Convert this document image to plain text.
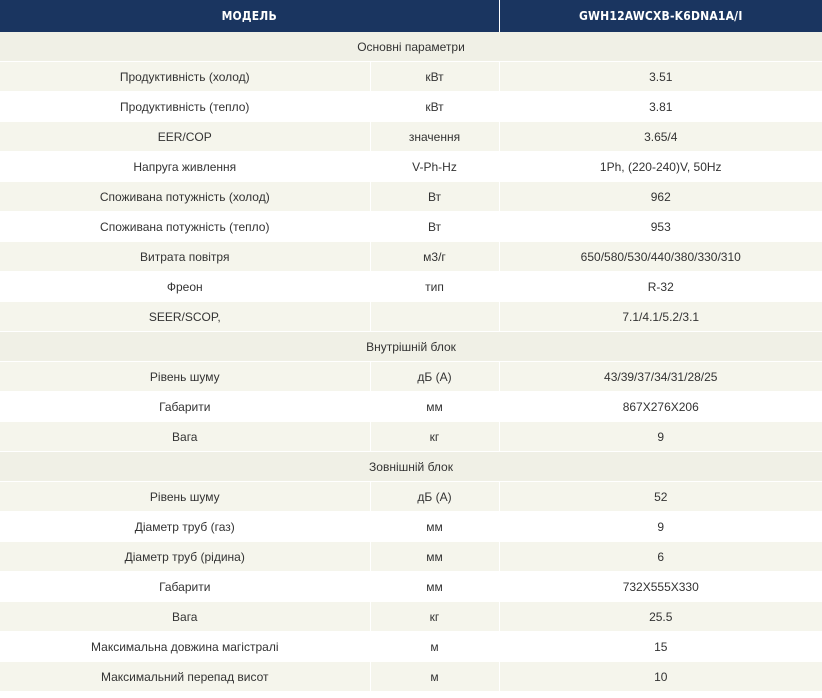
МОДЕЛЬ		GWH12AWCXB-K6DNA1A/I
Основні параметри		
Продуктивність (холод)	кВт	3.51
Продуктивність (тепло)	кВт	3.81
EER/COP	значення	3.65/4
Напруга живлення	V-Ph-Hz	1Ph, (220-240)V, 50Hz
Споживана потужність (холод)	Вт	962
Споживана потужність (тепло)	Вт	953
Витрата повітря	м3/г	650/580/530/440/380/330/310
Фреон	тип	R-32
SEER/SCOP,		7.1/4.1/5.2/3.1
Внутрішній блок		
Рівень шуму	дБ (А)	43/39/37/34/31/28/25
Габарити	мм	867X276X206
Вага	кг	9
Зовнішній блок		
Рівень шуму	дБ (А)	52
Діаметр труб (газ)	мм	9
Діаметр труб (рідина)	мм	6
Габарити	мм	732X555X330
Вага	кг	25.5
Максимальна довжина магістралі	м	15
Максимальний перепад висот	м	10
